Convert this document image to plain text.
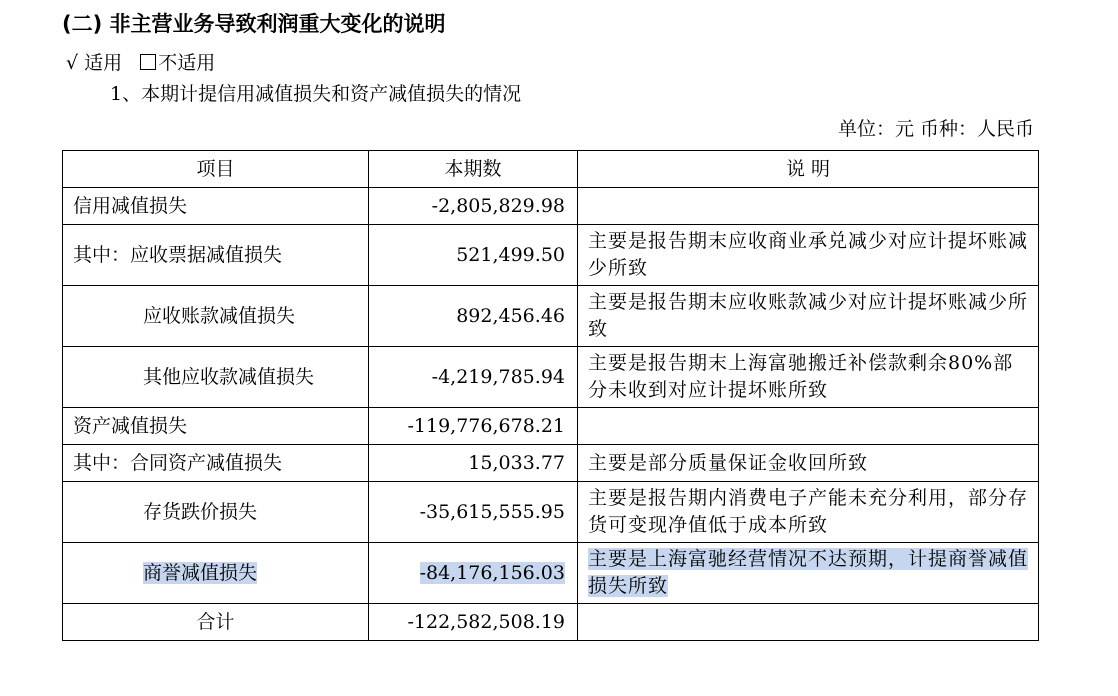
(二) 非主营业务导致利润重大变化的说明
√ 适用 不适用
1、本期计提信用减值损失和资产减值损失的情况
单位：元 币种：人民币
项目	本期数	说 明
信用减值损失	-2,805,829.98	
其中：应收票据减值损失	521,499.50	主要是报告期末应收商业承兑减少对应计提坏账减少所致
应收账款减值损失	892,456.46	主要是报告期末应收账款减少对应计提坏账减少所致
其他应收款减值损失	-4,219,785.94	主要是报告期末上海富驰搬迁补偿款剩余80%部分未收到对应计提坏账所致
资产减值损失	-119,776,678.21	
其中：合同资产减值损失	15,033.77	主要是部分质量保证金收回所致
存货跌价损失	-35,615,555.95	主要是报告期内消费电子产能未充分利用，部分存货可变现净值低于成本所致
商誉减值损失	-84,176,156.03	主要是上海富驰经营情况不达预期，计提商誉减值损失所致
合计	-122,582,508.19	
